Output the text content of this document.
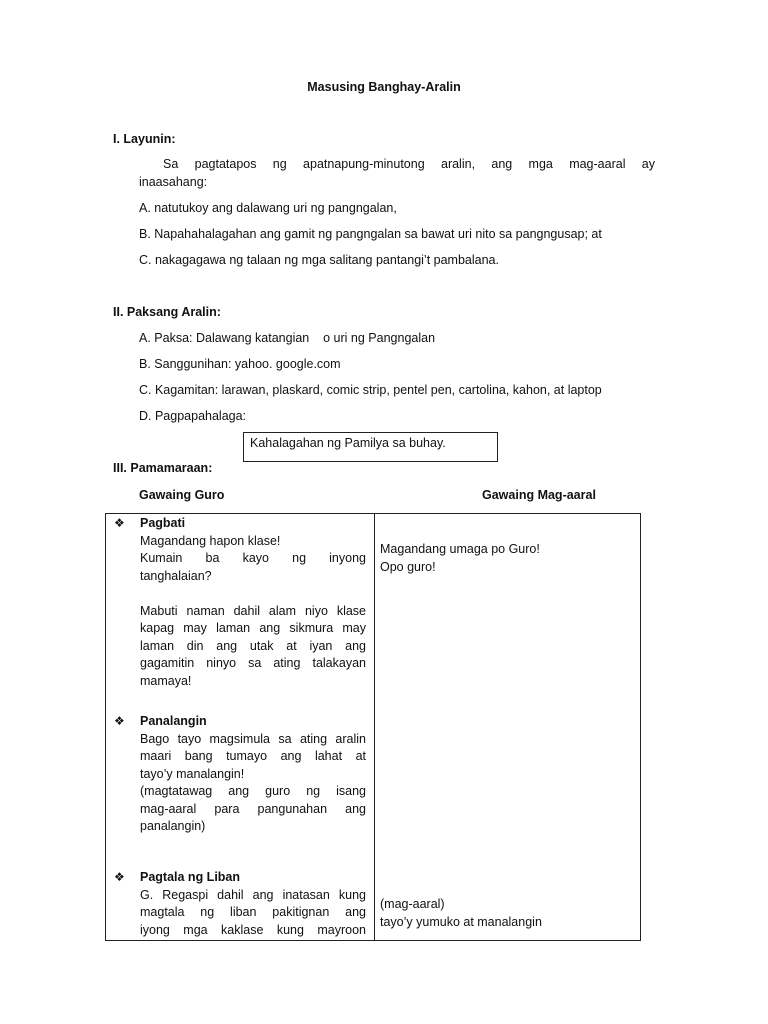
Masusing Banghay-Aralin
I. Layunin:
Sa pagtatapos ng apatnapung-minutong aralin, ang mga mag-aaral ay
inaasahang:
A. natutukoy ang dalawang uri ng pangngalan,
B. Napahahalagahan ang gamit ng pangngalan sa bawat uri nito sa pangngusap; at
C. nakagagawa ng talaan ng mga salitang pantangi’t pambalana.
II. Paksang Aralin:
A. Paksa: Dalawang katangian    o uri ng Pangngalan
B. Sanggunihan: yahoo. google.com
C. Kagamitan: larawan, plaskard, comic strip, pentel pen, cartolina, kahon, at laptop
D. Pagpapahalaga:
Kahalagahan ng Pamilya sa buhay.
III. Pamamaraan:
Gawaing Guro	Gawaing Mag-aaral
❖ Pagbati
Magandang hapon klase!
Kumain ba kayo ng inyong
tanghalaian?
Mabuti naman dahil alam niyo klase
kapag may laman ang sikmura may
laman din ang utak at iyan ang
gagamitin ninyo sa ating talakayan
mamaya!
❖ Panalangin
Bago tayo magsimula sa ating aralin
maari bang tumayo ang lahat at
tayo’y manalangin!
(magtatawag ang guro ng isang
mag-aaral para pangunahan ang
panalangin)
❖ Pagtala ng Liban
G. Regaspi dahil ang inatasan kung
magtala ng liban pakitignan ang
iyong mga kaklase kung mayroon
Magandang umaga po Guro!
Opo guro!
(mag-aaral)
tayo’y yumuko at manalangin
